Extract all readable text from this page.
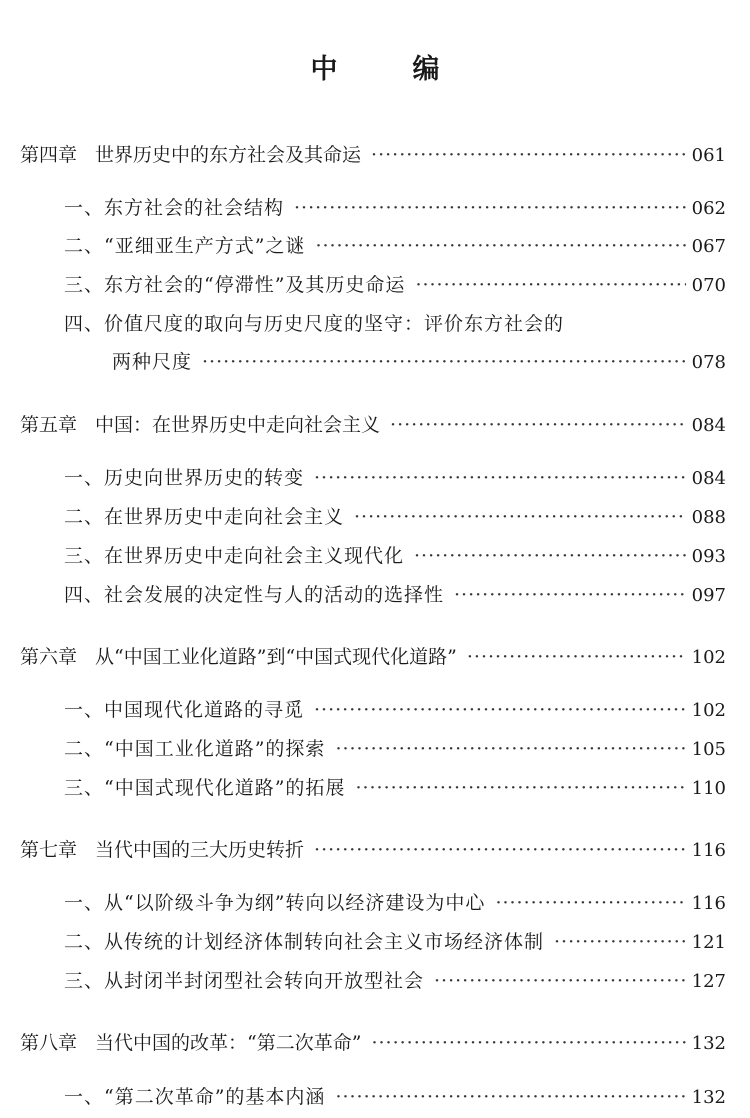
中　编
第四章 世界历史中的东方社会及其命运 ·····	061
一、东方社会的社会结构 ·····	062
二、“亚细亚生产方式”之谜 ·····	067
三、东方社会的“停滞性”及其历史命运 ·····	070
四、价值尺度的取向与历史尺度的坚守：评价东方社会的
两种尺度 ·····	078
第五章 中国：在世界历史中走向社会主义 ·····	084
一、历史向世界历史的转变 ·····	084
二、在世界历史中走向社会主义 ·····	088
三、在世界历史中走向社会主义现代化 ·····	093
四、社会发展的决定性与人的活动的选择性 ·····	097
第六章 从“中国工业化道路”到“中国式现代化道路” ·····	102
一、中国现代化道路的寻觅 ·····	102
二、“中国工业化道路”的探索 ·····	105
三、“中国式现代化道路”的拓展 ·····	110
第七章 当代中国的三大历史转折 ·····	116
一、从“以阶级斗争为纲”转向以经济建设为中心 ·····	116
二、从传统的计划经济体制转向社会主义市场经济体制 ·····	121
三、从封闭半封闭型社会转向开放型社会 ·····	127
第八章 当代中国的改革：“第二次革命” ·····	132
一、“第二次革命”的基本内涵 ·····	132
